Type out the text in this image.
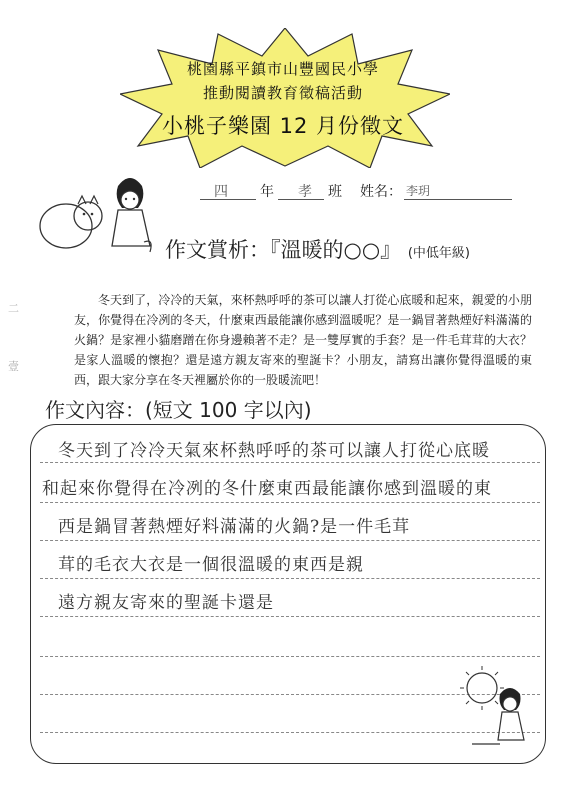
桃園縣平鎮市山豐國民小學
推動閱讀教育徵稿活動
小桃子樂園 12 月份徵文
四 年 孝 班 姓名： 李玥
作文賞析：『溫暖的○○』 (中低年級)
冬天到了，冷冷的天氣，來杯熱呼呼的茶可以讓人打從心底暖和起來，親愛的小朋友，你覺得在冷冽的冬天，什麼東西最能讓你感到溫暖呢？是一鍋冒著熱煙好料滿滿的火鍋？是家裡小貓磨蹭在你身邊賴著不走？是一雙厚實的手套？是一件毛茸茸的大衣？是家人溫暖的懷抱？還是遠方親友寄來的聖誕卡？小朋友，請寫出讓你覺得溫暖的東西，跟大家分享在冬天裡屬於你的一股暖流吧！
二
壹
作文內容：(短文 100 字以內)
冬天到了冷冷天氣來杯熱呼呼的茶可以讓人打從心底暖
和起來你覺得在冷冽的冬什麼東西最能讓你感到溫暖的東
西是鍋冒著熱煙好料滿滿的火鍋?是一件毛茸
茸的毛衣大衣是一個很溫暖的東西是親
遠方親友寄來的聖誕卡還是
